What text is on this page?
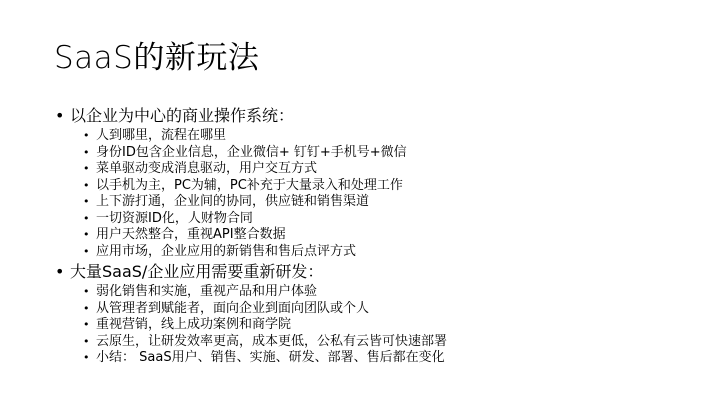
SaaS的新玩法
• 以企业为中心的商业操作系统：
• 人到哪里，流程在哪里
• 身份ID包含企业信息，企业微信+ 钉钉+手机号+微信
• 菜单驱动变成消息驱动，用户交互方式
• 以手机为主，PC为辅，PC补充于大量录入和处理工作
• 上下游打通，企业间的协同，供应链和销售渠道
• 一切资源ID化，人财物合同
• 用户天然整合，重视API整合数据
• 应用市场，企业应用的新销售和售后点评方式
• 大量SaaS/企业应用需要重新研发：
• 弱化销售和实施，重视产品和用户体验
• 从管理者到赋能者，面向企业到面向团队或个人
• 重视营销，线上成功案例和商学院
• 云原生，让研发效率更高，成本更低，公私有云皆可快速部署
• 小结： SaaS用户、销售、实施、研发、部署、售后都在变化
